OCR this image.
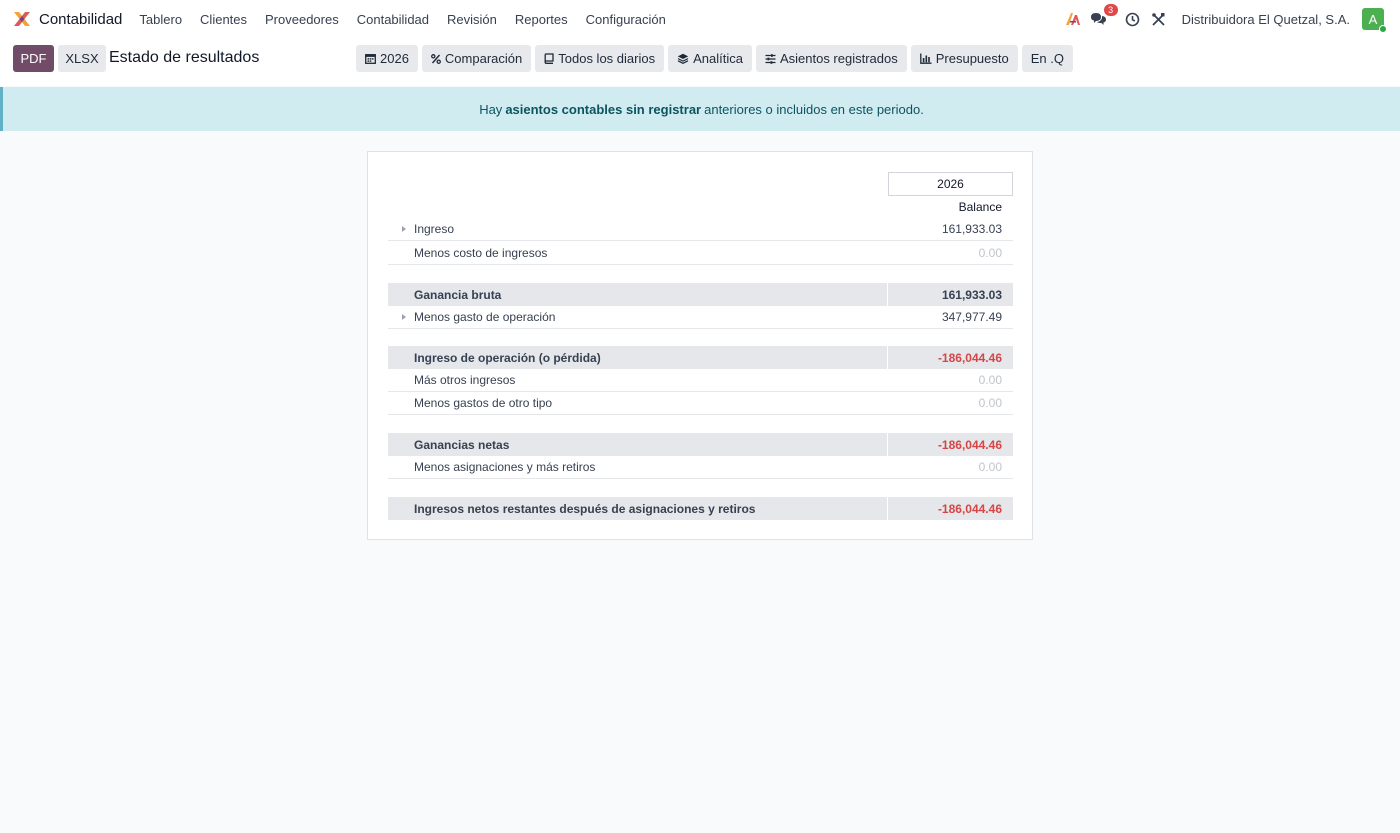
Contabilidad Tablero Clientes Proveedores Contabilidad Revisión Reportes Configuración
3
Distribuidora El Quetzal, S.A. A
PDF	XLSX Estado de resultados	2026	Comparación	Todos los diarios	Analítica	Asientos registrados	Presupuesto En .Q
Hay asientos contables sin registrar anteriores o incluidos en este periodo.
2026
Balance
Ingreso	161,933.03
Menos costo de ingresos	0.00
Ganancia bruta	161,933.03
Menos gasto de operación	347,977.49
Ingreso de operación (o pérdida)	-186,044.46
Más otros ingresos	0.00
Menos gastos de otro tipo	0.00
Ganancias netas	-186,044.46
Menos asignaciones y más retiros	0.00
Ingresos netos restantes después de asignaciones y retiros	-186,044.46
